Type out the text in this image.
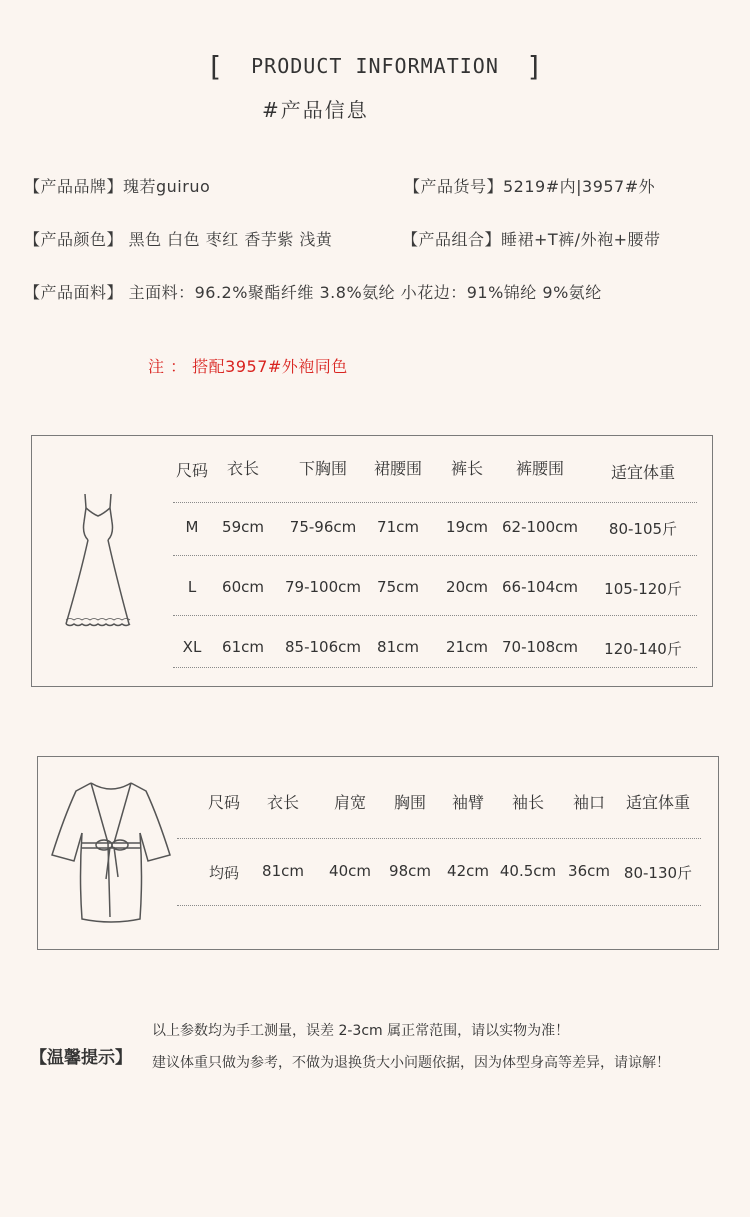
[ PRODUCT INFORMATION ]
#产品信息
【产品品牌】瑰若guiruo	【产品货号】5219#内|3957#外
【产品颜色】 黑色 白色 枣红 香芋紫 浅黄	【产品组合】睡裙+T裤/外袍+腰带
【产品面料】 主面料：96.2%聚酯纤维 3.8%氨纶 小花边：91%锦纶 9%氨纶
注 ： 搭配3957#外袍同色
尺码 衣长 下胸围 裙腰围 裤长 裤腰围	适宜体重
M 59cm 75-96cm 71cm 19cm 62-100cm 80-105斤
L 60cm 79-100cm 75cm 20cm 66-104cm 105-120斤
XL 61cm 85-106cm 81cm 21cm 70-108cm 120-140斤
尺码 衣长 肩宽 胸围 袖臂 袖长 袖口 适宜体重
均码 81cm 40cm 98cm 42cm 40.5cm 36cm 80-130斤
【温馨提示】
以上参数均为手工测量，误差 2-3cm 属正常范围，请以实物为准！
建议体重只做为参考，不做为退换货大小问题依据，因为体型身高等差异，请谅解！
